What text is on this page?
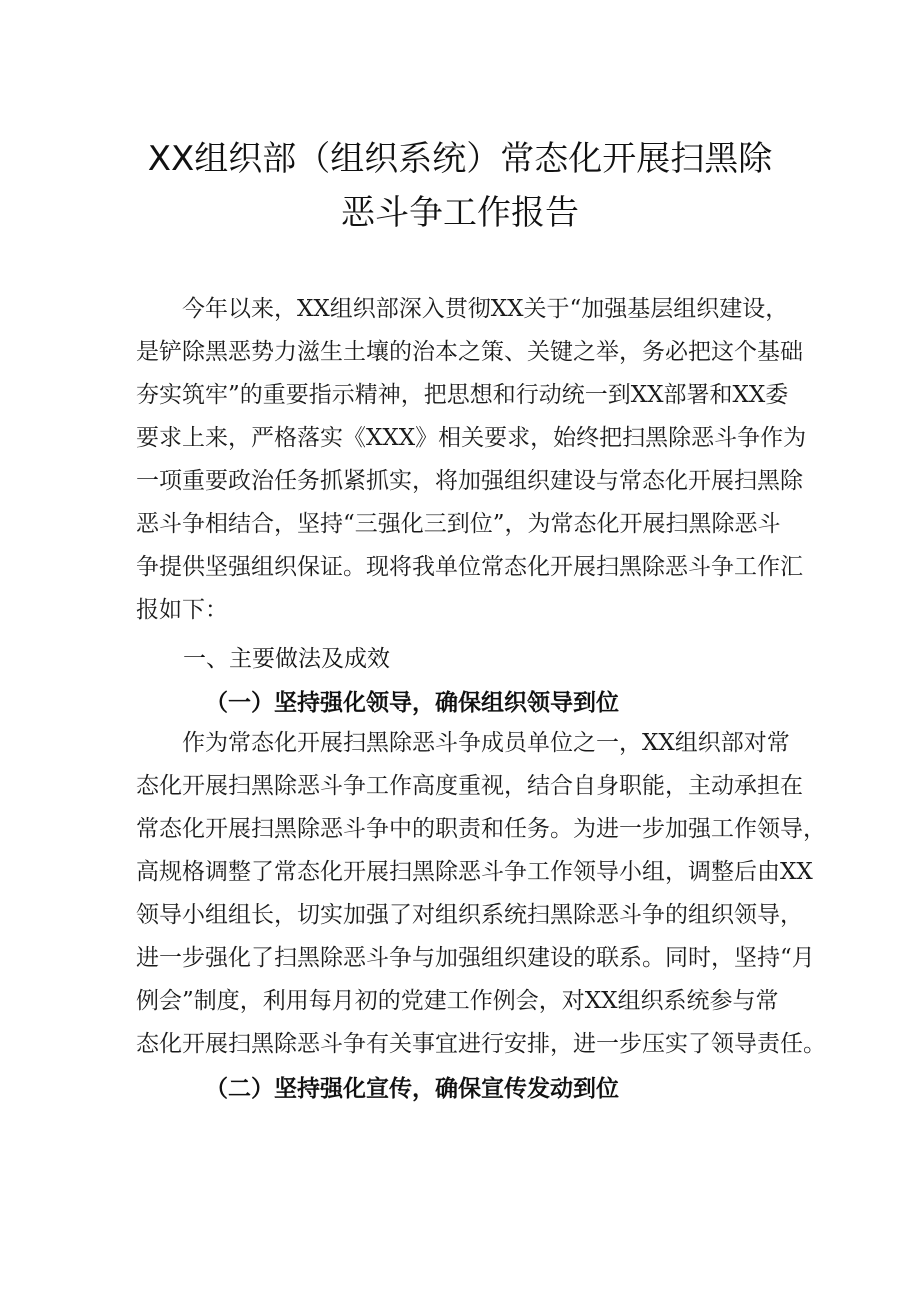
XX组织部（组织系统）常态化开展扫黑除
恶斗争工作报告
　　今年以来，XX组织部深入贯彻XX关于“加强基层组织建设，
是铲除黑恶势力滋生土壤的治本之策、关键之举，务必把这个基础
夯实筑牢”的重要指示精神，把思想和行动统一到XX部署和XX委
要求上来，严格落实《XXX》相关要求，始终把扫黑除恶斗争作为
一项重要政治任务抓紧抓实，将加强组织建设与常态化开展扫黑除
恶斗争相结合，坚持“三强化三到位”，为常态化开展扫黑除恶斗
争提供坚强组织保证。现将我单位常态化开展扫黑除恶斗争工作汇
报如下：
一、主要做法及成效
（一）坚持强化领导，确保组织领导到位
　　作为常态化开展扫黑除恶斗争成员单位之一，XX组织部对常
态化开展扫黑除恶斗争工作高度重视，结合自身职能，主动承担在
常态化开展扫黑除恶斗争中的职责和任务。为进一步加强工作领导，
高规格调整了常态化开展扫黑除恶斗争工作领导小组，调整后由XX
领导小组组长，切实加强了对组织系统扫黑除恶斗争的组织领导，
进一步强化了扫黑除恶斗争与加强组织建设的联系。同时，坚持“月
例会”制度，利用每月初的党建工作例会，对XX组织系统参与常
态化开展扫黑除恶斗争有关事宜进行安排，进一步压实了领导责任。
（二）坚持强化宣传，确保宣传发动到位
